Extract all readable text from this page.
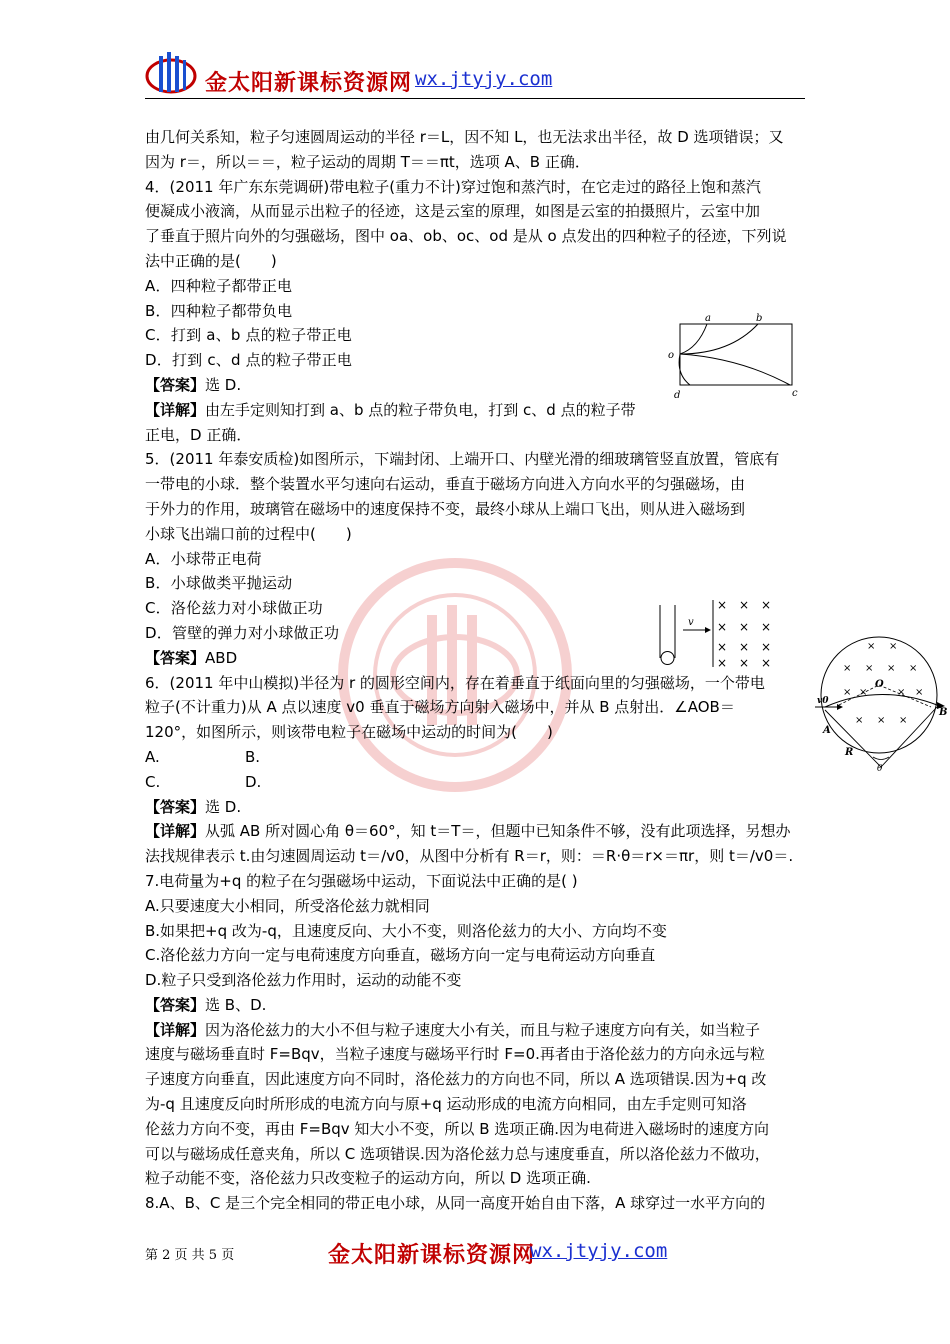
金太阳新课标资源网 wx.jtyjy.com

由几何关系知，粒子匀速圆周运动的半径 r＝L，因不知 L，也无法求出半径，故 D 选项错误；又

因为 r＝，所以＝＝，粒子运动的周期 T＝＝πt，选项 A、B 正确．

4．(2011 年广东东莞调研)带电粒子(重力不计)穿过饱和蒸汽时，在它走过的路径上饱和蒸汽

便凝成小液滴，从而显示出粒子的径迹，这是云室的原理，如图是云室的拍摄照片，云室中加

了垂直于照片向外的匀强磁场，图中 oa、ob、oc、od 是从 o 点发出的四种粒子的径迹，下列说

法中正确的是(　　)

A．四种粒子都带正电

B．四种粒子都带负电

C．打到 a、b 点的粒子带正电

D．打到 c、d 点的粒子带正电

【答案】选 D.

【详解】由左手定则知打到 a、b 点的粒子带负电，打到 c、d 点的粒子带

正电，D 正确．

5．(2011 年泰安质检)如图所示，下端封闭、上端开口、内壁光滑的细玻璃管竖直放置，管底有

一带电的小球．整个装置水平匀速向右运动，垂直于磁场方向进入方向水平的匀强磁场，由

于外力的作用，玻璃管在磁场中的速度保持不变，最终小球从上端口飞出，则从进入磁场到

小球飞出端口前的过程中(　　)

A．小球带正电荷

B．小球做类平抛运动

C．洛伦兹力对小球做正功

D．管壁的弹力对小球做正功

【答案】ABD

6．(2011 年中山模拟)半径为 r 的圆形空间内，存在着垂直于纸面向里的匀强磁场，一个带电

粒子(不计重力)从 A 点以速度 v0 垂直于磁场方向射入磁场中，并从 B 点射出．∠AOB＝

120°，如图所示，则该带电粒子在磁场中运动的时间为(　　)

A.	B.

C.	D.

【答案】选 D.

【详解】从弧 AB 所对圆心角 θ＝60°，知 t＝T＝，但题中已知条件不够，没有此项选择，另想办

法找规律表示 t.由匀速圆周运动 t＝/v0，从图中分析有 R＝r，则：＝R·θ＝r×＝πr，则 t＝/v0＝.

7.电荷量为+q 的粒子在匀强磁场中运动，下面说法中正确的是( )

A.只要速度大小相同，所受洛伦兹力就相同

B.如果把+q 改为-q，且速度反向、大小不变，则洛伦兹力的大小、方向均不变

C.洛伦兹力方向一定与电荷速度方向垂直，磁场方向一定与电荷运动方向垂直

D.粒子只受到洛伦兹力作用时，运动的动能不变

【答案】选 B、D.

【详解】因为洛伦兹力的大小不但与粒子速度大小有关，而且与粒子速度方向有关，如当粒子

速度与磁场垂直时 F=Bqv，当粒子速度与磁场平行时 F=0.再者由于洛伦兹力的方向永远与粒

子速度方向垂直，因此速度方向不同时，洛伦兹力的方向也不同，所以 A 选项错误.因为+q 改

为-q 且速度反向时所形成的电流方向与原+q 运动形成的电流方向相同，由左手定则可知洛

伦兹力方向不变，再由 F=Bqv 知大小不变，所以 B 选项正确.因为电荷进入磁场时的速度方向

可以与磁场成任意夹角，所以 C 选项错误.因为洛伦兹力总与速度垂直，所以洛伦兹力不做功，

粒子动能不变，洛伦兹力只改变粒子的运动方向，所以 D 选项正确.

8.A、B、C 是三个完全相同的带正电小球，从同一高度开始自由下落，A 球穿过一水平方向的

a	b
o
c
d
v
× × ×
× × ×
× × ×
× × ×
O
v0
A
B
R
θ
× ×
× × × ×
× ×	× ×
× × ×
第 2 页 共 5 页	金太阳新课标资源网
wx.jtyjy.com
